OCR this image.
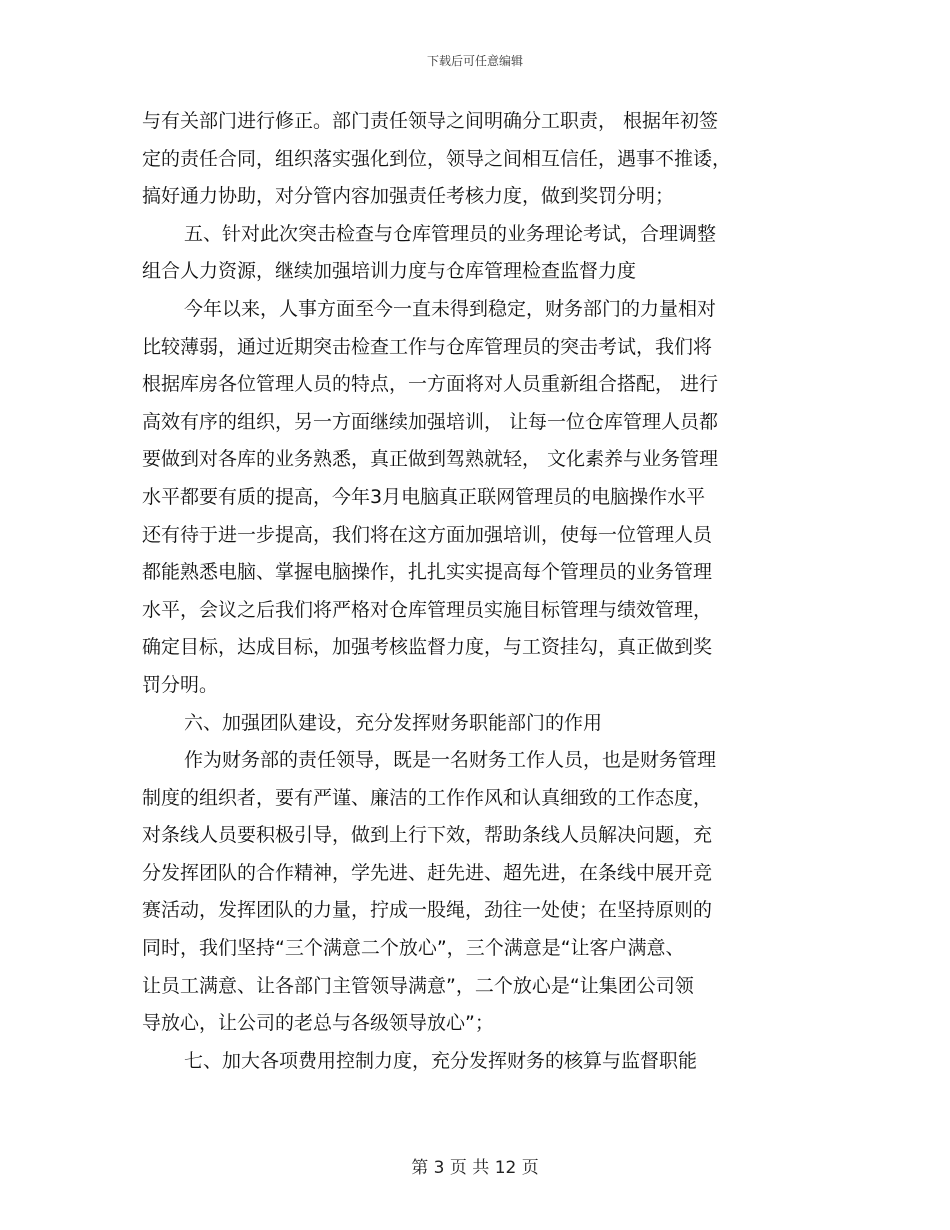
下载后可任意编辑
与有关部门进行修正。部门责任领导之间明确分工职责， 根据年初签
定的责任合同，组织落实强化到位，领导之间相互信任，遇事不推诿，
搞好通力协助，对分管内容加强责任考核力度，做到奖罚分明；
五、针对此次突击检查与仓库管理员的业务理论考试，合理调整
组合人力资源，继续加强培训力度与仓库管理检查监督力度
今年以来，人事方面至今一直未得到稳定，财务部门的力量相对
比较薄弱，通过近期突击检查工作与仓库管理员的突击考试，我们将
根据库房各位管理人员的特点，一方面将对人员重新组合搭配， 进行
高效有序的组织，另一方面继续加强培训， 让每一位仓库管理人员都
要做到对各库的业务熟悉，真正做到驾熟就轻， 文化素养与业务管理
水平都要有质的提高，今年3月电脑真正联网管理员的电脑操作水平
还有待于进一步提高，我们将在这方面加强培训，使每一位管理人员
都能熟悉电脑、掌握电脑操作，扎扎实实提高每个管理员的业务管理
水平，会议之后我们将严格对仓库管理员实施目标管理与绩效管理，
确定目标，达成目标，加强考核监督力度，与工资挂勾，真正做到奖
罚分明。
六、加强团队建设，充分发挥财务职能部门的作用
作为财务部的责任领导，既是一名财务工作人员，也是财务管理
制度的组织者，要有严谨、廉洁的工作作风和认真细致的工作态度，
对条线人员要积极引导，做到上行下效，帮助条线人员解决问题，充
分发挥团队的合作精神，学先进、赶先进、超先进，在条线中展开竞
赛活动，发挥团队的力量，拧成一股绳，劲往一处使；在坚持原则的
同时，我们坚持“三个满意二个放心”，三个满意是“让客户满意、
让员工满意、让各部门主管领导满意”，二个放心是“让集团公司领
导放心，让公司的老总与各级领导放心”；
七、加大各项费用控制力度，充分发挥财务的核算与监督职能
第 3 页 共 12 页
